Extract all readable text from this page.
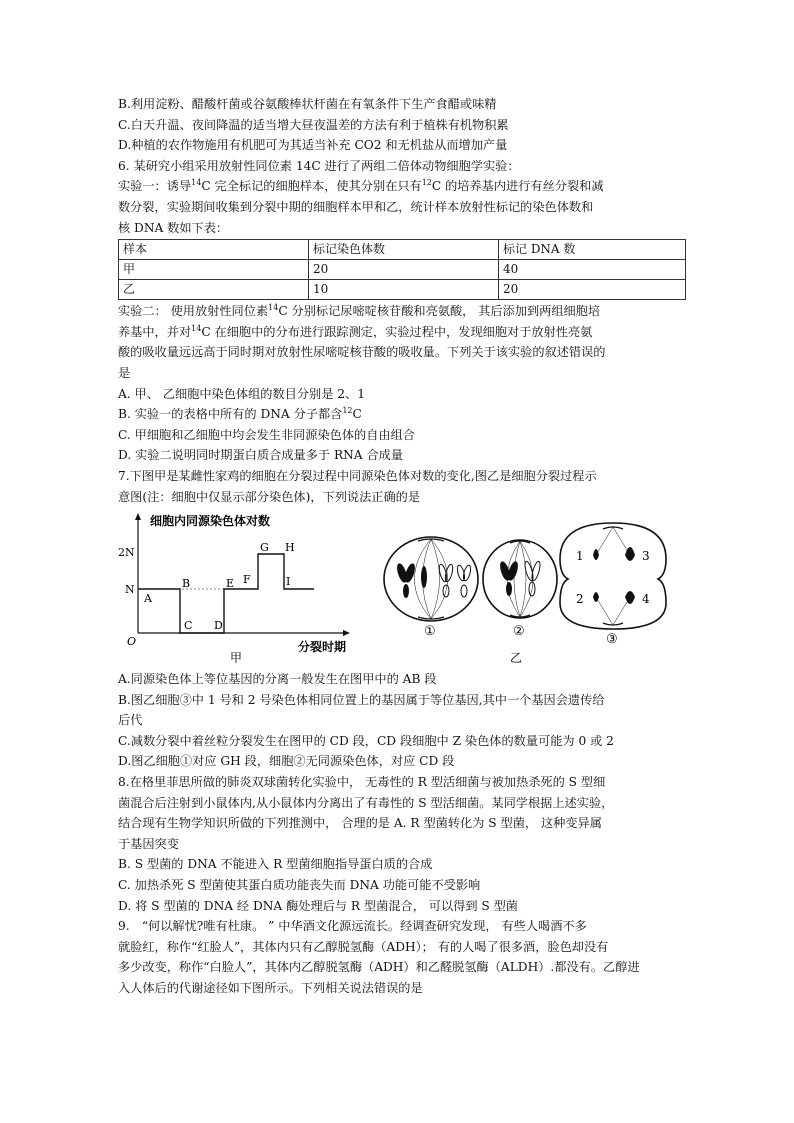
B.利用淀粉、醋酸杆菌或谷氨酸棒状杆菌在有氧条件下生产食醋或味精
C.白天升温、夜间降温的适当增大昼夜温差的方法有利于植株有机物积累
D.种植的农作物施用有机肥可为其适当补充 CO2 和无机盐从而增加产量
6. 某研究小组采用放射性同位素 14C 进行了两组二倍体动物细胞学实验：
实验一：诱导$^{14}$C 完全标记的细胞样本，使其分别在只有$^{12}$C 的培养基内进行有丝分裂和减
数分裂，实验期间收集到分裂中期的细胞样本甲和乙，统计样本放射性标记的染色体数和
核 DNA 数如下表：
样本	标记染色体数	标记 DNA 数
甲	20	40
乙	10	20
实验二： 使用放射性同位素$^{14}$C 分别标记尿嘧啶核苷酸和亮氨酸， 其后添加到两组细胞培
养基中，并对$^{14}$C 在细胞中的分布进行跟踪测定，实验过程中，发现细胞对于放射性亮氨
酸的吸收量远远高于同时期对放射性尿嘧啶核苷酸的吸收量。下列关于该实验的叙述错误的
是
A. 甲、 乙细胞中染色体组的数目分别是 2、1
B. 实验一的表格中所有的 DNA 分子都含$^{12}$C
C. 甲细胞和乙细胞中均会发生非同源染色体的自由组合
D. 实验二说明同时期蛋白质合成量多于 RNA 合成量
7.下图甲是某雌性家鸡的细胞在分裂过程中同源染色体对数的变化,图乙是细胞分裂过程示
意图(注：细胞中仅显示部分染色体)，下列说法正确的是
细胞内同源染色体对数
2N
N
O	分裂时期
A
B
C D
E F
G H
I
甲
①	②
1	3
2	4
③
乙
A.同源染色体上等位基因的分离一般发生在图甲中的 AB 段
B.图乙细胞③中 1 号和 2 号染色体相同位置上的基因属于等位基因,其中一个基因会遗传给
后代
C.减数分裂中着丝粒分裂发生在图甲的 CD 段，CD 段细胞中 Z 染色体的数量可能为 0 或 2
D.图乙细胞①对应 GH 段，细胞②无同源染色体，对应 CD 段
8.在格里菲思所做的肺炎双球菌转化实验中， 无毒性的 R 型活细菌与被加热杀死的 S 型细
菌混合后注射到小鼠体内,从小鼠体内分离出了有毒性的 S 型活细菌。某同学根据上述实验，
结合现有生物学知识所做的下列推测中， 合理的是 A. R 型菌转化为 S 型菌， 这种变异属
于基因突变
B. S 型菌的 DNA 不能进入 R 型菌细胞指导蛋白质的合成
C. 加热杀死 S 型菌使其蛋白质功能丧失而 DNA 功能可能不受影响
D. 将 S 型菌的 DNA 经 DNA 酶处理后与 R 型菌混合， 可以得到 S 型菌
9.　“何以解忧?唯有杜康。 ” 中华酒文化源远流长。经调查研究发现， 有些人喝酒不多
就脸红，称作“红脸人”，其体内只有乙醇脱氢酶（ADH）； 有的人喝了很多酒，脸色却没有
多少改变，称作“白脸人”，其体内乙醇脱氢酶（ADH）和乙醛脱氢酶（ALDH）.都没有。乙醇进
入人体后的代谢途径如下图所示。下列相关说法错误的是
